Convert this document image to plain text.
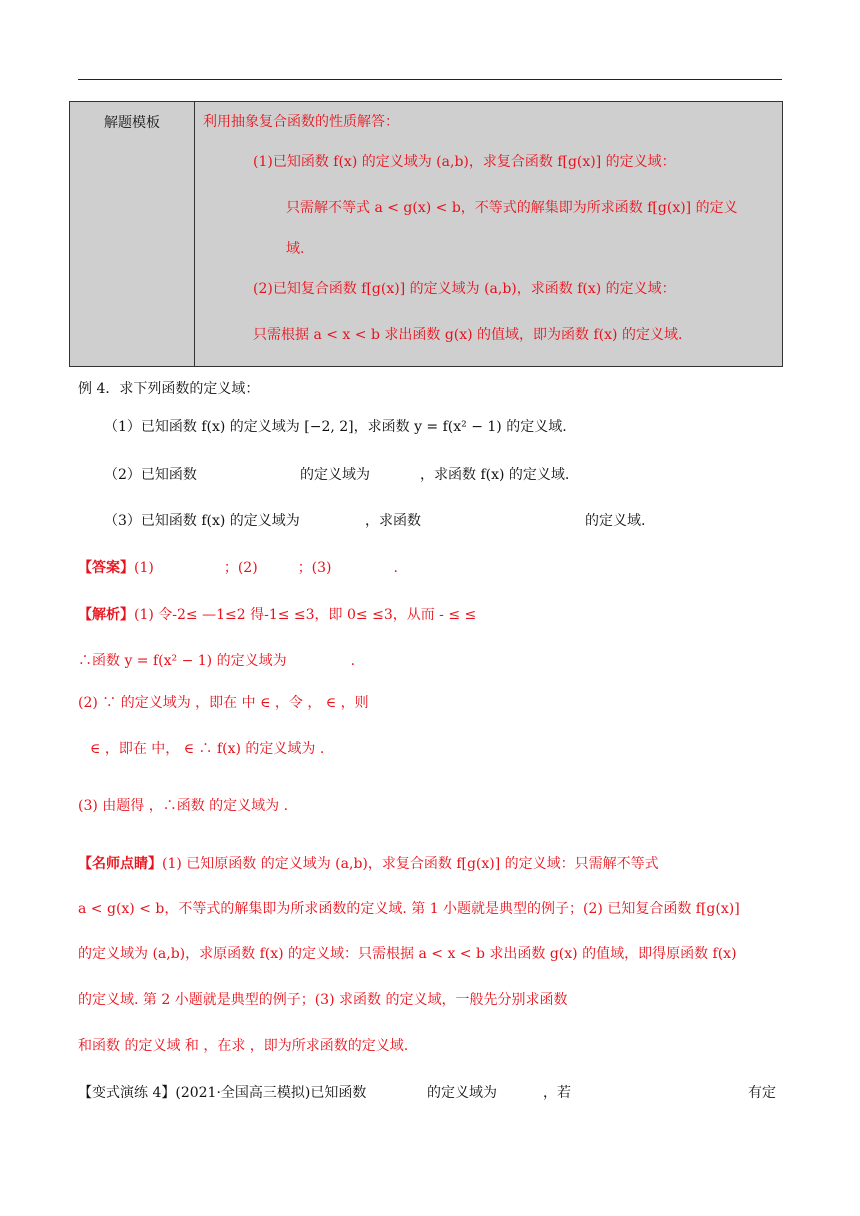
解题模板		利用抽象复合函数的性质解答：
(1)已知函数 f(x) 的定义域为 (a,b)，求复合函数 f[g(x)] 的定义域：
只需解不等式 a < g(x) < b，不等式的解集即为所求函数 f[g(x)] 的定义
域.
(2)已知复合函数 f[g(x)] 的定义域为 (a,b)，求函数 f(x) 的定义域：
只需根据 a < x < b 求出函数 g(x) 的值域，即为函数 f(x) 的定义域.
例 4．求下列函数的定义域：
（1）已知函数 f(x) 的定义域为 [−2, 2]，求函数 y = f(x² − 1) 的定义域.
（2）已知函数	的定义域为	，求函数 f(x) 的定义域.
（3）已知函数 f(x) 的定义域为	，求函数	的定义域.
【答案】(1)	；(2)	；(3)	.
【解析】(1) 令-2≤ —1≤2 得-1≤ ≤3，即 0≤ ≤3，从而 - ≤ ≤
∴函数 y = f(x² − 1) 的定义域为	.
(2) ∵ 的定义域为 ，即在 中 ∈ ，令 ， ∈ ，则
∈ ，即在 中， ∈ ∴ f(x) 的定义域为 .
(3) 由题得 ，∴函数 的定义域为 .
【名师点睛】(1) 已知原函数 的定义域为 (a,b)，求复合函数 f[g(x)] 的定义域：只需解不等式
a < g(x) < b，不等式的解集即为所求函数的定义域. 第 1 小题就是典型的例子；(2) 已知复合函数 f[g(x)]
的定义域为 (a,b)，求原函数 f(x) 的定义域：只需根据 a < x < b 求出函数 g(x) 的值域，即得原函数 f(x)
的定义域. 第 2 小题就是典型的例子；(3) 求函数 的定义域，一般先分别求函数
和函数 的定义域 和 ，在求 ，即为所求函数的定义域.
【变式演练 4】(2021·全国高三模拟)已知函数	的定义域为	，若	有定
